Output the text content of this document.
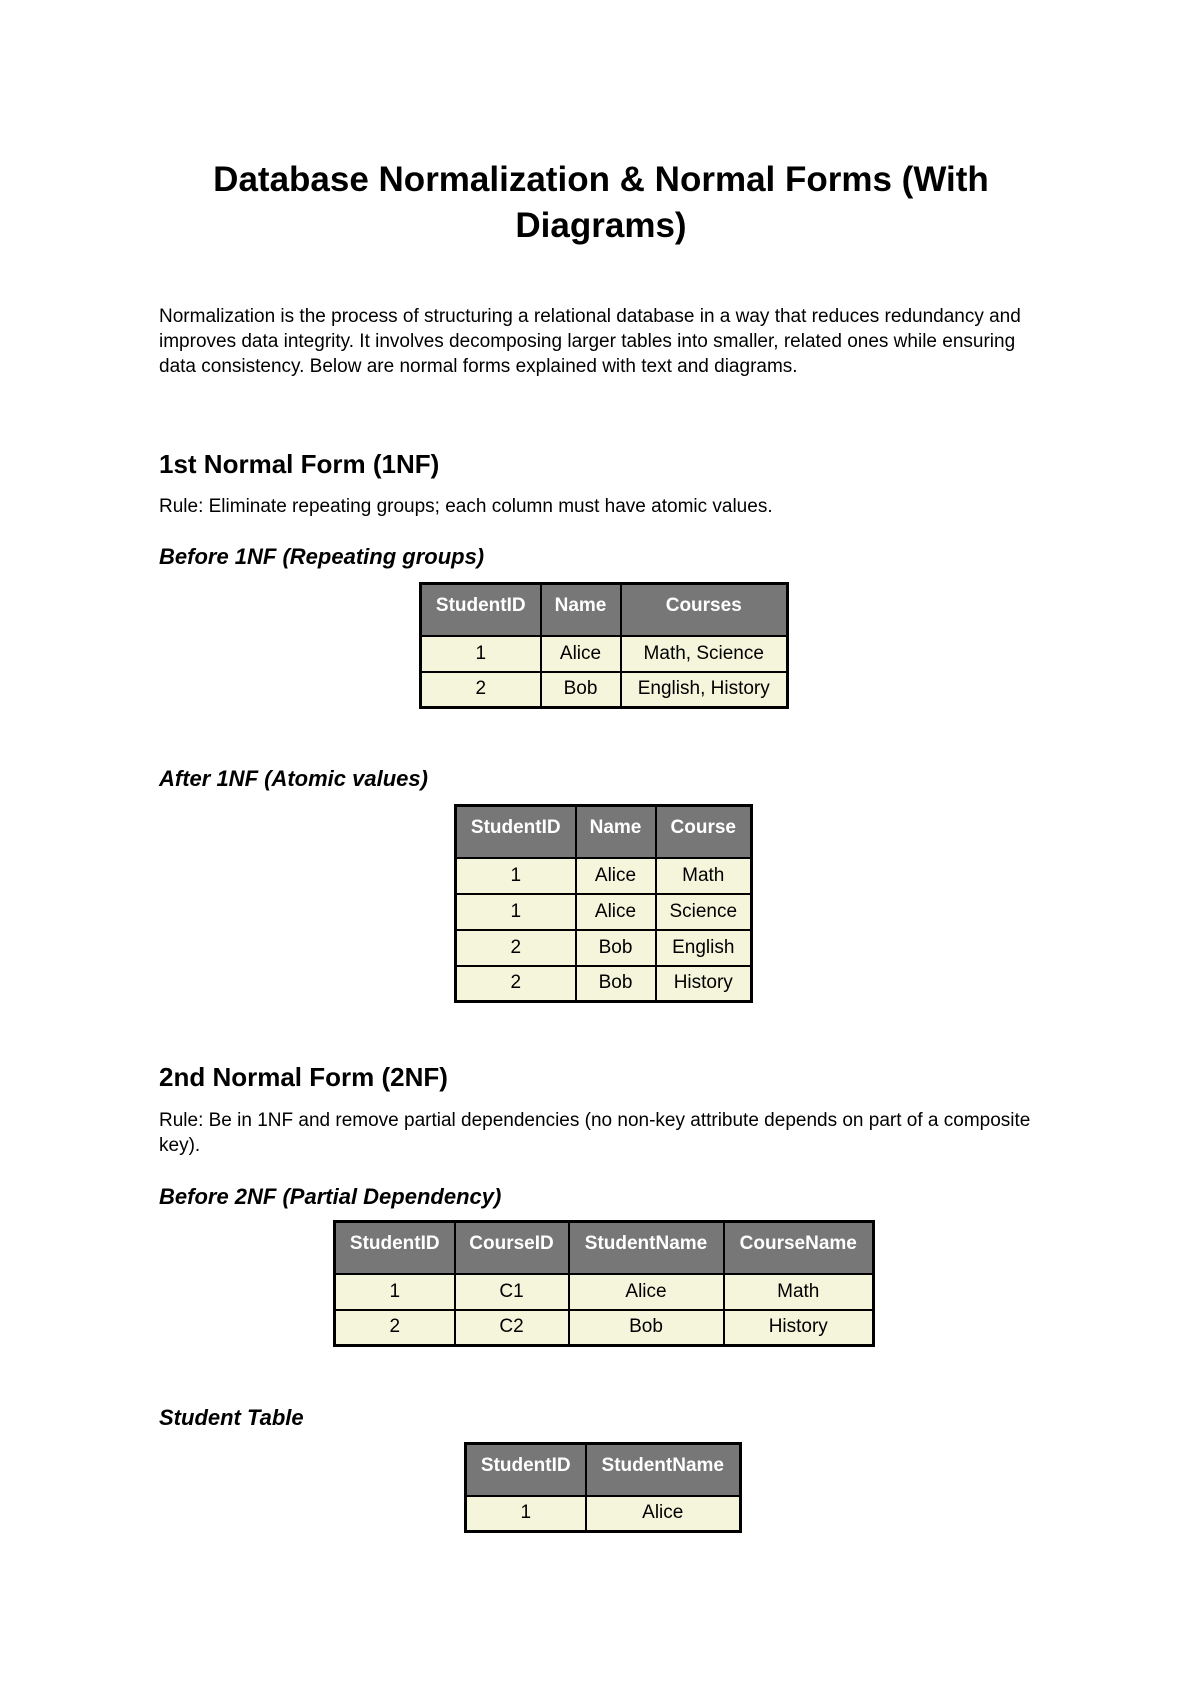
Database Normalization & Normal Forms (With Diagrams)

Normalization is the process of structuring a relational database in a way that reduces redundancy and improves data integrity. It involves decomposing larger tables into smaller, related ones while ensuring data consistency. Below are normal forms explained with text and diagrams.

1st Normal Form (1NF)

Rule: Eliminate repeating groups; each column must have atomic values.

Before 1NF (Repeating groups)
StudentID	Name	Courses
1	Alice	Math, Science
2	Bob	English, History
After 1NF (Atomic values)
StudentID	Name	Course
1	Alice	Math
1	Alice	Science
2	Bob	English
2	Bob	History
2nd Normal Form (2NF)

Rule: Be in 1NF and remove partial dependencies (no non-key attribute depends on part of a composite key).

Before 2NF (Partial Dependency)
StudentID	CourseID	StudentName	CourseName
1	C1	Alice	Math
2	C2	Bob	History
Student Table
StudentID	StudentName
1	Alice
